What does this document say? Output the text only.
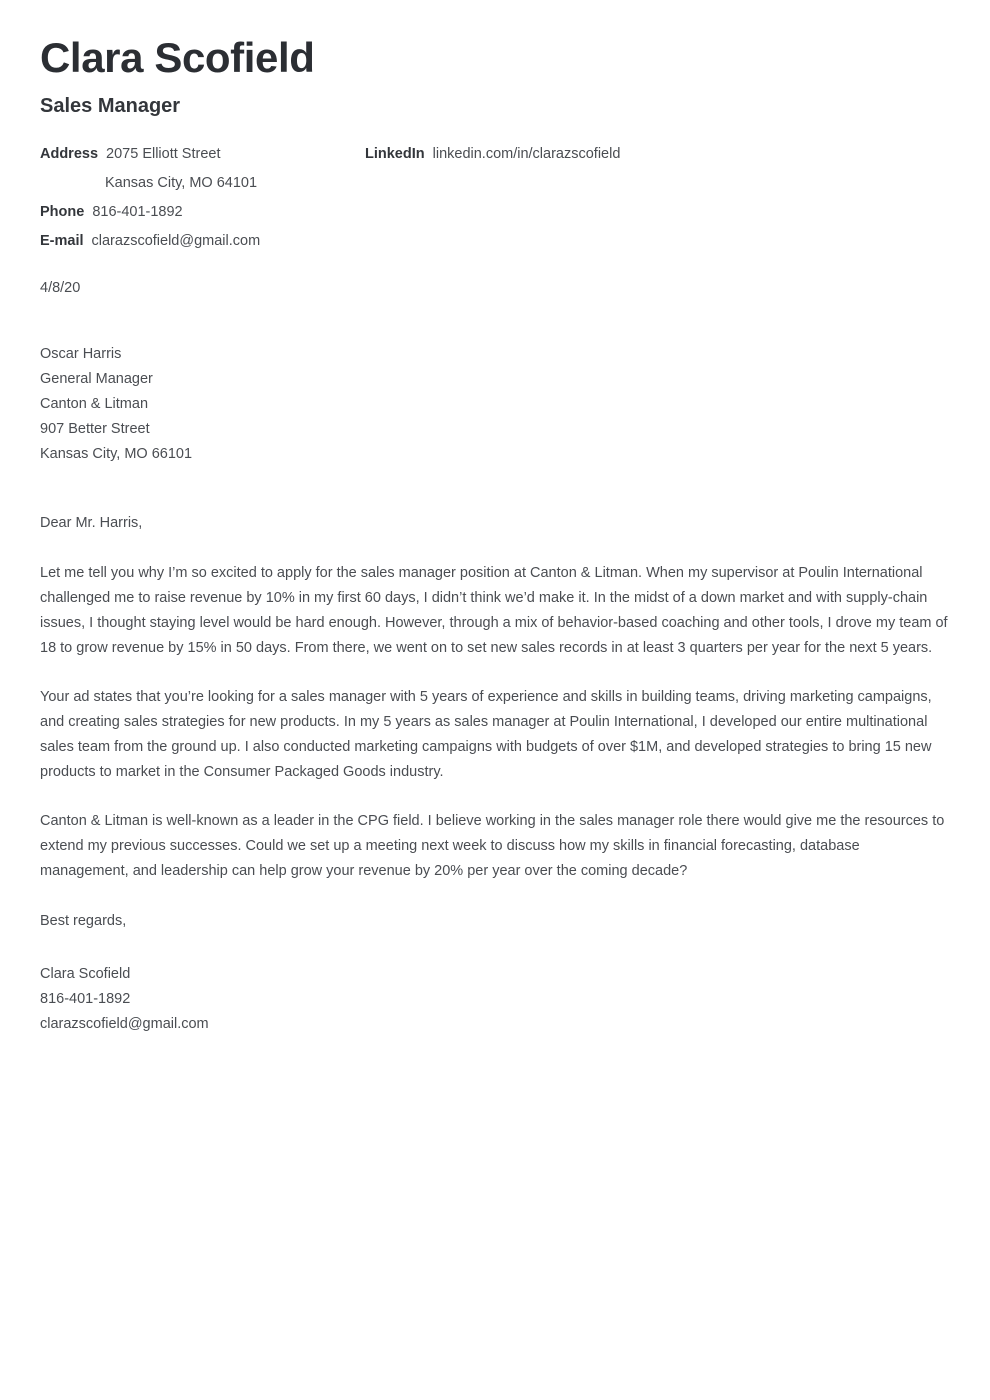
Clara Scofield
Sales Manager
Address 2075 Elliott Street
Kansas City, MO 64101
Phone 816-401-1892
E-mail clarazscofield@gmail.com
LinkedIn linkedin.com/in/clarazscofield
4/8/20
Oscar Harris
General Manager
Canton & Litman
907 Better Street
Kansas City, MO 66101
Dear Mr. Harris,

Let me tell you why I’m so excited to apply for the sales manager position at Canton & Litman. When my supervisor at Poulin International challenged me to raise revenue by 10% in my first 60 days, I didn’t think we’d make it. In the midst of a down market and with supply-chain issues, I thought staying level would be hard enough. However, through a mix of behavior-based coaching and other tools, I drove my team of 18 to grow revenue by 15% in 50 days. From there, we went on to set new sales records in at least 3 quarters per year for the next 5 years.

Your ad states that you’re looking for a sales manager with 5 years of experience and skills in building teams, driving marketing campaigns, and creating sales strategies for new products. In my 5 years as sales manager at Poulin International, I developed our entire multinational sales team from the ground up. I also conducted marketing campaigns with budgets of over $1M, and developed strategies to bring 15 new products to market in the Consumer Packaged Goods industry.

Canton & Litman is well-known as a leader in the CPG field. I believe working in the sales manager role there would give me the resources to extend my previous successes. Could we set up a meeting next week to discuss how my skills in financial forecasting, database management, and leadership can help grow your revenue by 20% per year over the coming decade?

Best regards,
Clara Scofield
816-401-1892
clarazscofield@gmail.com
